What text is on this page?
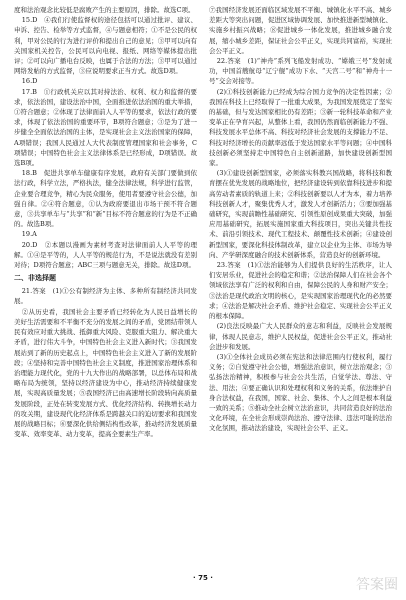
度和法治观念比较低是腐败产生的主要原因，排除。故选C项。

15.D　④我们行使监督权的途径包括可以通过批评、建议、申诉、控告、检举等方式监督，④与题意相符；①不是公民的权利，甲对公民的行为进行评价和提出自己的意见；③甲可以向有关国家机关控告，公民可以向电视、报纸、网络等媒体提出批评；②可以向广播电台反映，也属于合法的方法；③甲可以通过网络发帖的方式监督，③应说明要求正当方式。故选D项。

16.D

17.B　①行政机关应以其对持法治、权利、权力和监督的要求，依法治国，建设法治中国，全面推进依法治国的重大举措，①符合题意；②体现了法律面前人人平等的要求，依法行政的要求，体现了依法治国的重要环节，B项符合题意；③是为了进一步健全全面依法治国的主体，是实现社会主义法治国家的保障，A项错误；我国人民通过人大代表制度管理国家和社会事务，C项错误；中国特色社会主义法律体系是已经形成，D项错误。故选B项。

18.B　促进共享单车健康有序发展，政府有关部门要做到依法行政，科学立法，严格执法，健全法律法规，科学进行监管，企业要合理竞争，精心为民众服务，使用者要遵守社会公德，加强自律。②④符合题意，①认为政府要退出市场干预不符合题意，③共享单车与“共享”和“新”目标不符合题意的行为是不正确的。故选B项。

19.A

20.D　②本题以漫画为素材考查对法律面前人人平等的理解。①④是平等的，人人平等的规范行为，不是说法就没有差别对待；D项符合题意；ABC三项与题意无关，排除。故选D项。

二、非选择题

21.答案　(1)①公有制经济为主体、多种所有制经济共同发展。

②从历史看，我国社会主要矛盾已经转化为人民日益增长的美好生活需要和不平衡不充分的发展之间的矛盾，党团结带领人民有效应对重大挑战、抵御重大风险、克服重大阻力、解决重大矛盾，进行伟大斗争，中国特色社会主义进入新时代；③我国发展站到了新的历史起点上，中国特色社会主义进入了新的发展阶段；④坚持和完善中国特色社会主义制度，推进国家治理体系和治理能力现代化，党的十九大作出的战略部署，以总体布局和战略布局为统领，坚持以经济建设为中心，推动经济持续健康发展，实现高质量发展；⑤我国经济已由高速增长阶段转向高质量发展阶段，正处在转变发展方式、优化经济结构、转换增长动力的攻关期，建设现代化经济体系是跨越关口的迫切要求和我国发展的战略目标；⑥要深化供给侧结构性改革，推动经济发展质量变革、效率变革、动力变革，提高全要素生产率。

⑦我国经济发展还面临区域发展不平衡、城镇化水平不高、城乡差距大等突出问题，促进区域协调发展、加快推进新型城镇化、实施乡村振兴战略；⑧促进城乡一体化发展，推进城乡融合发展，缩小城乡差距，保证社会公平正义，实现共同富裕，实现社会公平正义。

22.答案　(1)“神舟”系列飞船发射成功、“嫦娥三号”发射成功，中国首艘航母“辽宁舰”成功下水、“天宫二号”和“神舟十一号”交会对接等。

(2)①科技创新能力已经成为综合国力竞争的决定性因素；②我国在科技上已经取得了一批重大成果，为我国发展奠定了坚实的基础，但与发达国家相比仍有差距；③新一轮科技革命和产业变革正在孕育兴起，从整体上看，我国仍然面临创新能力不强、科技发展水平总体不高、科技对经济社会发展的支撑能力不足、科技对经济增长的贡献率远低于发达国家水平等问题；④中国科技创新必须坚持走中国特色自主创新道路，加快建设创新型国家。

(3)①建设创新型国家，必须落实科教兴国战略，将科技和教育摆在优先发展的战略地位，把经济建设转到依靠科技进步和提高劳动者素质的轨道上来；②科技创新要以人才为本，着力培养科技创新人才，聚集优秀人才，激发人才创新活力；③要加强基础研究，实现前瞻性基础研究、引领性原创成果重大突破，加强应用基础研究，拓展实施国家重大科技项目，突出关键共性技术、前沿引领技术、现代工程技术、颠覆性技术创新；④建设创新型国家，要深化科技体制改革，建立以企业为主体、市场为导向、产学研深度融合的技术创新体系，营造良好的创新环境。

23.答案　(1)①法治能够为人们提供良好的生活秩序，让人们安居乐业，促进社会的稳定和谐；②法治保障人们在社会各个领域依法享有广泛的权利和自由，保障公民的人身和财产安全；③法治是现代政治文明的核心，是实现国家治理现代化的必然要求；④法治是解决社会矛盾、维护社会稳定、实现社会公平正义的根本保障。

(2)良法反映最广大人民群众的意志和利益，反映社会发展规律，体现人民意志，维护人民权益，促进社会公平正义，推动社会进步和发展。

(3)①全体社会成员必须在宪法和法律范围内行使权利，履行义务；②自觉遵守社会公德，增强法治意识，树立法治观念；③弘扬法治精神，积极参与社会公共生活，自觉学法、尊法、守法、用法；④要正确认识和处理权利和义务的关系，依法维护自身合法权益，在我国，国家、社会、集体、个人之间是根本利益一致的关系；⑤推动全社会树立法治意识，共同营造良好的法治文化环境，在全社会形成崇尚法治、遵守法律、违法可耻的法治文化氛围，推动法治建设，实现社会公平、正义。

· 75 ·	答案圈
